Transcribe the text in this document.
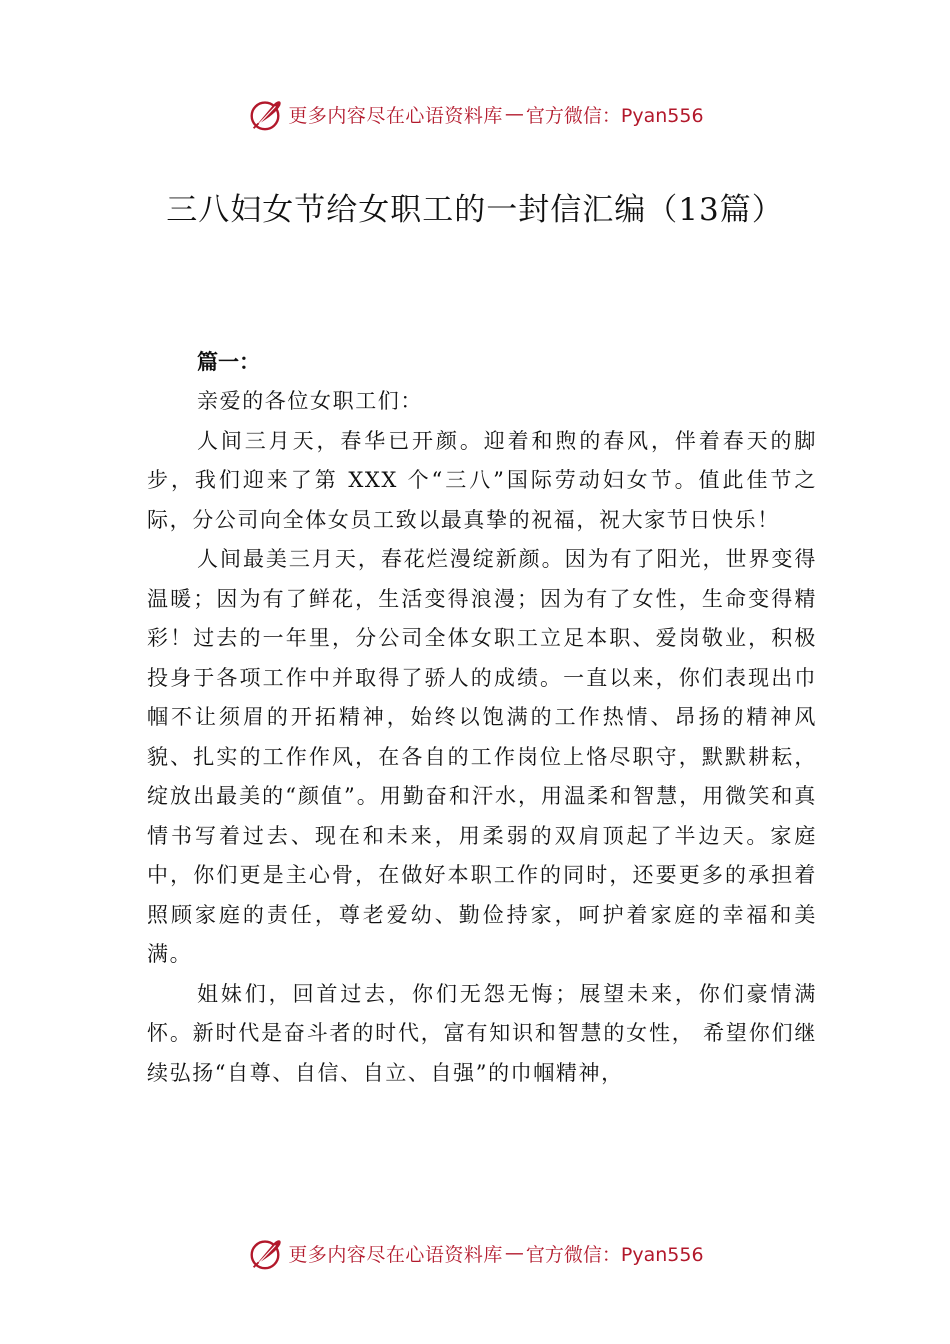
更多内容尽在心语资料库 — 官方微信：Pyan556
三八妇女节给女职工的一封信汇编（13篇）

篇一：

亲爱的各位女职工们：

人间三月天，春华已开颜。迎着和煦的春风，伴着春天的脚步，我们迎来了第 XXX 个“三八”国际劳动妇女节。值此佳节之际，分公司向全体女员工致以最真挚的祝福，祝大家节日快乐！

人间最美三月天，春花烂漫绽新颜。因为有了阳光，世界变得温暖；因为有了鲜花，生活变得浪漫；因为有了女性，生命变得精彩！过去的一年里，分公司全体女职工立足本职、爱岗敬业，积极投身于各项工作中并取得了骄人的成绩。一直以来，你们表现出巾帼不让须眉的开拓精神，始终以饱满的工作热情、昂扬的精神风貌、扎实的工作作风，在各自的工作岗位上恪尽职守，默默耕耘，绽放出最美的“颜值”。用勤奋和汗水，用温柔和智慧，用微笑和真情书写着过去、现在和未来，用柔弱的双肩顶起了半边天。家庭中，你们更是主心骨，在做好本职工作的同时，还要更多的承担着照顾家庭的责任，尊老爱幼、勤俭持家，呵护着家庭的幸福和美满。

姐妹们，回首过去，你们无怨无悔；展望未来，你们豪情满怀。新时代是奋斗者的时代，富有知识和智慧的女性， 希望你们继续弘扬“自尊、自信、自立、自强”的巾帼精神，

更多内容尽在心语资料库 — 官方微信：Pyan556
